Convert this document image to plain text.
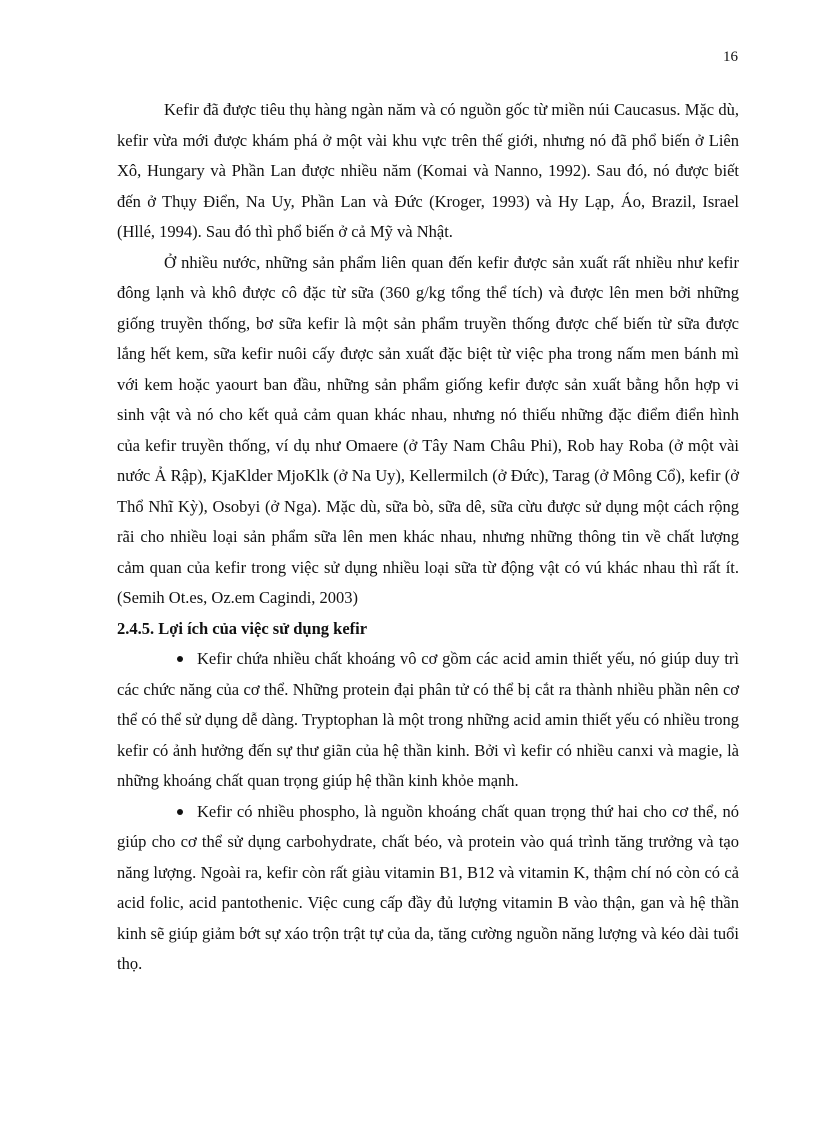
16

Kefir đã được tiêu thụ hàng ngàn năm và có nguồn gốc từ miền núi Caucasus. Mặc dù, kefir vừa mới được khám phá ở một vài khu vực trên thế giới, nhưng nó đã phổ biến ở Liên Xô, Hungary và Phần Lan được nhiều năm (Komai và Nanno, 1992). Sau đó, nó được biết đến ở Thụy Điển, Na Uy, Phần Lan và Đức (Kroger, 1993) và Hy Lạp, Áo, Brazil, Israel (Hllé, 1994). Sau đó thì phổ biến ở cả Mỹ và Nhật.

Ở nhiều nước, những sản phẩm liên quan đến kefir được sản xuất rất nhiều như kefir đông lạnh và khô được cô đặc từ sữa (360 g/kg tổng thể tích) và được lên men bởi những giống truyền thống, bơ sữa kefir là một sản phẩm truyền thống được chế biến từ sữa được lắng hết kem, sữa kefir nuôi cấy được sản xuất đặc biệt từ việc pha trong nấm men bánh mì với kem hoặc yaourt ban đầu, những sản phẩm giống kefir được sản xuất bằng hỗn hợp vi sinh vật và nó cho kết quả cảm quan khác nhau, nhưng nó thiếu những đặc điểm điển hình của kefir truyền thống, ví dụ như Omaere (ở Tây Nam Châu Phi), Rob hay Roba (ở một vài nước Ả Rập), KjaKlder MjoKlk (ở Na Uy), Kellermilch (ở Đức), Tarag (ở Mông Cổ), kefir (ở Thổ Nhĩ Kỳ), Osobyi (ở Nga). Mặc dù, sữa bò, sữa dê, sữa cừu được sử dụng một cách rộng rãi cho nhiều loại sản phẩm sữa lên men khác nhau, nhưng những thông tin về chất lượng cảm quan của kefir trong việc sử dụng nhiều loại sữa từ động vật có vú khác nhau thì rất ít. (Semih Ot.es, Oz.em Cagindi, 2003)

2.4.5. Lợi ích của việc sử dụng kefir

Kefir chứa nhiều chất khoáng vô cơ gồm các acid amin thiết yếu, nó giúp duy trì các chức năng của cơ thể. Những protein đại phân tử có thể bị cắt ra thành nhiều phần nên cơ thể có thể sử dụng dễ dàng. Tryptophan là một trong những acid amin thiết yếu có nhiều trong kefir có ảnh hưởng đến sự thư giãn của hệ thần kinh. Bởi vì kefir có nhiều canxi và magie, là những khoáng chất quan trọng giúp hệ thần kinh khỏe mạnh.

Kefir có nhiều phospho, là nguồn khoáng chất quan trọng thứ hai cho cơ thể, nó giúp cho cơ thể sử dụng carbohydrate, chất béo, và protein vào quá trình tăng trưởng và tạo năng lượng. Ngoài ra, kefir còn rất giàu vitamin B1, B12 và vitamin K, thậm chí nó còn có cả acid folic, acid pantothenic. Việc cung cấp đầy đủ lượng vitamin B vào thận, gan và hệ thần kinh sẽ giúp giảm bớt sự xáo trộn trật tự của da, tăng cường nguồn năng lượng và kéo dài tuổi thọ.
